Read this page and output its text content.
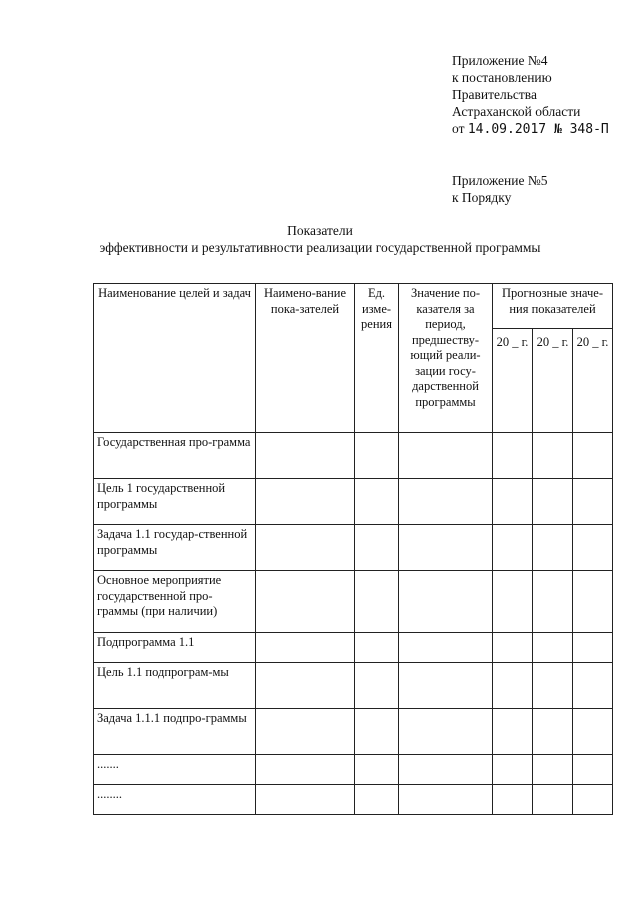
Приложение №4
к постановлению
Правительства
Астраханской области
от 14.09.2017 № 348-П
Приложение №5
к Порядку
Показатели
эффективности и результативности реализации государственной программы
Наименование целей и задач	Наимено-вание пока-зателей	Ед. изме-рения	Значение по-казателя за период, предшеству-ющий реали-зации госу-дарственной программы	Прогнозные значе-ния показателей		
				20 _ г.	20 _ г.	20 _ г.
Государственная про-грамма						
Цель 1 государственной программы						
Задача 1.1 государ-ственной программы						
Основное мероприятие государственной про-граммы (при наличии)						
Подпрограмма 1.1						
Цель 1.1 подпрограм-мы						
Задача 1.1.1 подпро-граммы						
.......						
........						
